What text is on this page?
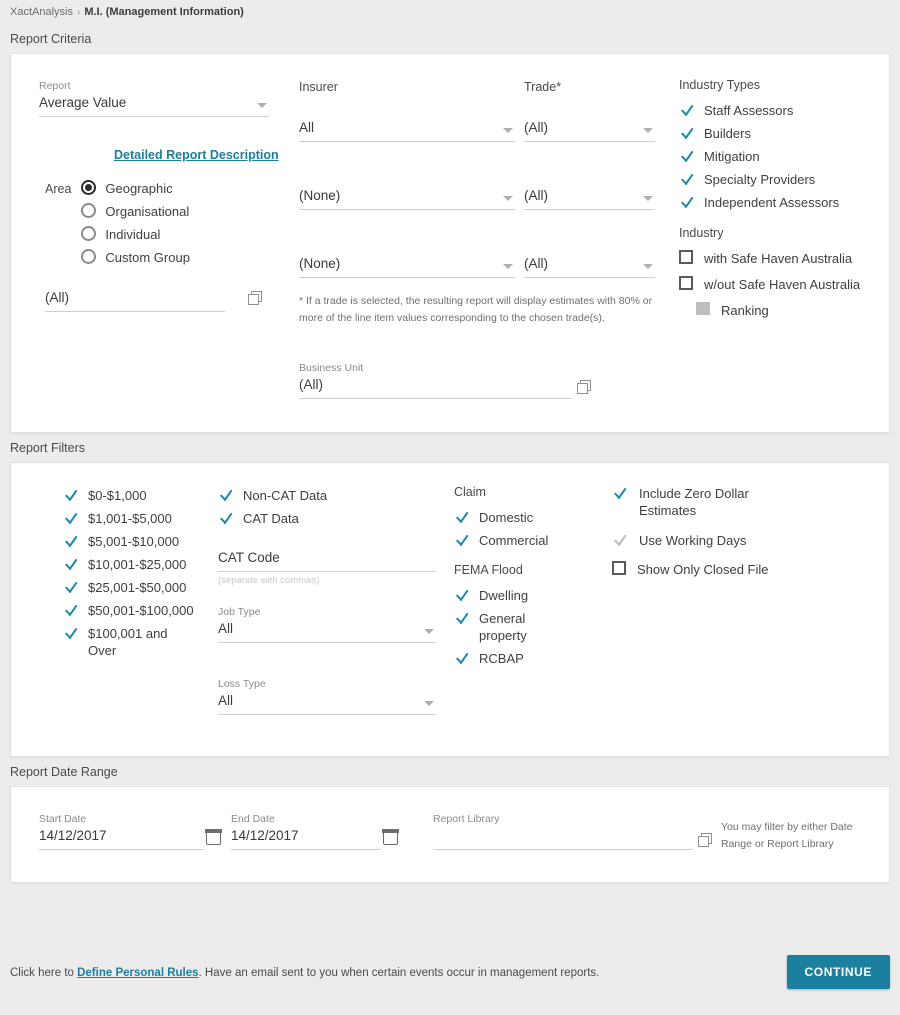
XactAnalysis › M.I. (Management Information)
Report Criteria
Report
Average Value
Detailed Report Description
Area	Geographic
Organisational
Individual
Custom Group
(All)
Insurer
All
(None)
(None)
Trade*
(All)
(All)
(All)
* If a trade is selected, the resulting report will display estimates with 80% or more of the line item values corresponding to the chosen trade(s).
Business Unit
(All)
Industry Types
Staff Assessors
Builders
Mitigation
Specialty Providers
Independent Assessors
Industry
with Safe Haven Australia
w/out Safe Haven Australia
Ranking
Report Filters
$0-$1,000
$1,001-$5,000
$5,001-$10,000
$10,001-$25,000
$25,001-$50,000
$50,001-$100,000
$100,001 and Over
Non-CAT Data
CAT Data
CAT Code
(separate with commas)
Job Type
All
Loss Type
All
Claim
Domestic
Commercial
FEMA Flood
Dwelling
General property
RCBAP
Include Zero Dollar Estimates
Use Working Days
Show Only Closed File
Report Date Range
Start Date
14/12/2017
End Date
14/12/2017
Report Library

You may filter by either Date Range or Report Library
Click here to Define Personal Rules. Have an email sent to you when certain events occur in management reports.	CONTINUE
